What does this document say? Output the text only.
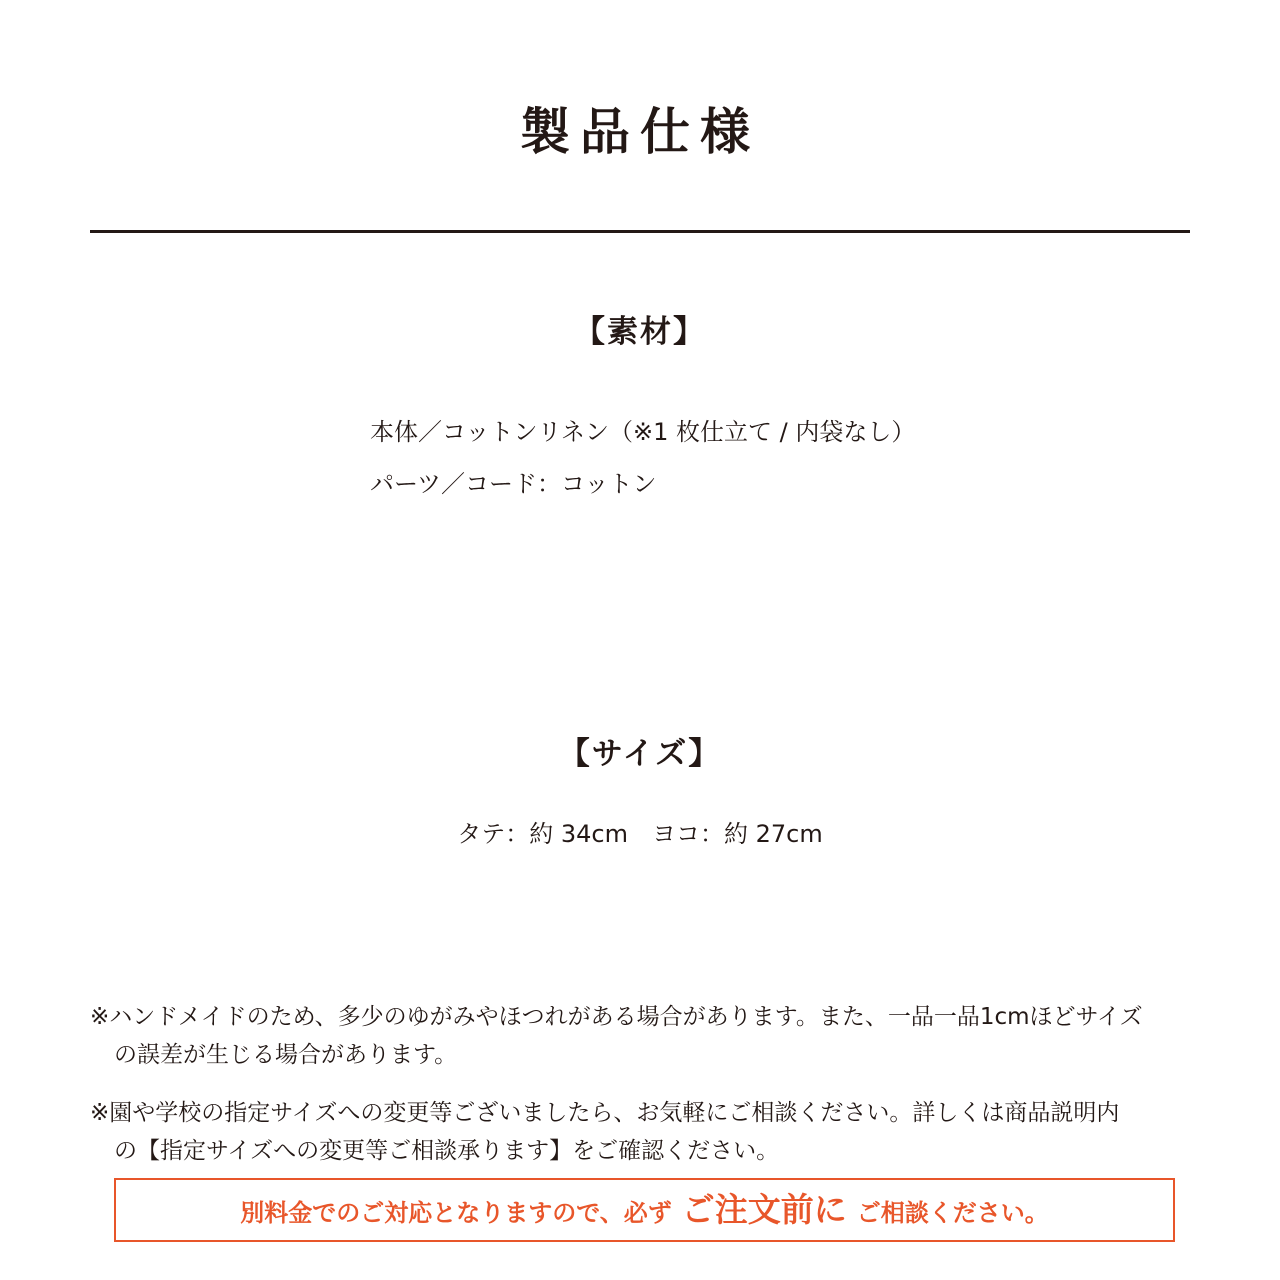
製品仕様
【素材】
本体／コットンリネン（※1 枚仕立て / 内袋なし）
パーツ／コード：コットン
【サイズ】
タテ：約 34cm　ヨコ：約 27cm
※ハンドメイドのため、多少のゆがみやほつれがある場合があります。また、一品一品1cmほどサイズ
の誤差が生じる場合があります。
※園や学校の指定サイズへの変更等ございましたら、お気軽にご相談ください。詳しくは商品説明内
の【指定サイズへの変更等ご相談承ります】をご確認ください。
別料金でのご対応となりますので、必ず ご注文前に ご相談ください。
